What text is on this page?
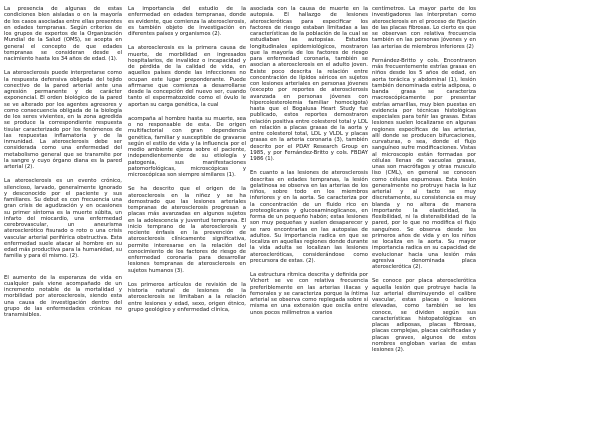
La presencia de algunas de estas condiciones bien aisladas o en la mayoría de los casos asociadas entre ellas presentes en edades tempranas. Según criterios de los grupos de expertos de la Organización Mundial de la Salud (OMS), se acepta en general el concepto de que edades tempranas se consideran desde el nacimiento hasta los 34 años de edad. (1).

La aterosclerosis puede interpretarse como la respuesta defensiva obligada del tejido conectivo de la pared arterial ante una agresión permanente y de carácter exponencial. El orden biológico de la pared se ve alterado por los agentes agresores y como consecuencia obligada de la biología de los seres vivientes, en la zona agredida se produce la correspondiente respuesta tisular caracterizado por los fenómenos de las respuestas inflamatoria y de la inmunidad. La aterosclerosis debe ser considerada como una enfermedad del metabolismo general que se transmite por la sangre y cuyo órgano diana es la pared arterial (2).

La aterosclerosis es un evento crónico, silencioso, larvado, generalmente ignorado y desconocido por el paciente y sus familiares. Su debut es con frecuencia una gran crisis de agudización y en ocasiones su primer síntoma es la muerte súbita, un infarto del miocardio, una enfermedad cerebrovascular, un aneurisma aterosclerótico fisurado o roto o una crisis vascular arterial periférica obstructiva. Esta enfermedad suele atacar al hombre en su edad más productiva para la humanidad, su familia y para él mismo. (2).

El aumento de la esperanza de vida en cualquier país viene acompañado de un incremento notable de la mortalidad y morbilidad por aterosclerosis, siendo esta una causa de investigación dentro del grupo de las enfermedades crónicas no transmisibles.

La importancia del estudio de la enfermedad en edades tempranas, donde es evidente, que comienza la aterosclerosis, es también objeto de investigación en diferentes países y organismos (2).

La aterosclerosis es la primera causa de muerte, de morbilidad en ingresados hospitalarios, de invalidez o incapacidad y de pérdida de la calidad de vida, en aquellos países donde las infecciones no ocupan este lugar preponderante. Puede afirmarse que comienza a desarrollarse desde la concepción del nuevo ser, cuando tanto el espermatozoide como el óvulo le aportan su carga genética, la cual

acompaña al hombre hasta su muerte, sea o no responsable de esta. De origen multifactorial con gran dependencia genética, familiar y susceptible de gravarse según el estilo de vida y la influencia por el medio ambiente ejerza sobre el paciente, independientemente de su etiología y patogenia, sus manifestaciones patomorfológicas, microscópicas y microscópicas son siempre similares (1).

Se ha descrito que el origen de la aterosclerosis en la niñez y se ha demostrado que las lesiones arteriales tempranas de aterosclerosis progresan a placas más avanzadas en algunos sujetos en la adolescencia y juventud temprana. El inicio temprano de la aterosclerosis y reciente énfasis en la prevención de aterosclerosis clínicamente significativa, permite interesarse en la relación del conocimiento de los factores de riesgo de enfermedad coronaria para desarrollar lesiones tempranas de aterosclerosis en sujetos humanos (3).

Los primeros artículos de revisión de la historia natural de lesiones de la aterosclerosis se limitaban a la relación entre lesiones y edad, sexo, origen étnico, grupo geológico y enfermedad clínica,

asociada con la causa de muerte en la autopsia. El hallazgo de lesiones ateroscleróticas para especificar los factores de riesgo estaban limitadas a las características de la población de la cual se estudiaban las autopsias. Estudios longitudinales epidemiológicos, mostraron que la mayoría de los factores de riesgo para enfermedad coronaria, también se asocian a aterosclerosis en el adulto joven. Existe poco descrita la relación entre concentración de lípidos séricos en sujetos con lesiones arteriales en personas jóvenes (excepto por reportes de aterosclerosis avanzada en personas jóvenes con hipercolesterolemia familiar homocigota) hasta que el Bogalusa Heart Study fue publicado, estos reportes demostraron relación positiva entre colesterol total y LDL en relación a placas grasas de la aorta y entre colesterol total, LDL y VLDL y placas grasas en la arteria coronaria (3), también descrito por el PDAY Research Group en 1985, y por Fernández-Britto y cols. FBDAY 1986 (1).

En cuanto a las lesiones de aterosclerosis descritas en edades tempranas, la lesión gelatinosa se observa en las arterias de los niños, sobre todo en los miembros inferiores y en la aorta. Se caracteriza por la concentración de un fluido rico en proteoglicanos y glucosaminoglicanos, en forma de un pequeño habón; estas lesiones son muy pequeñas y suelen desaparecer y se raro encontrarlas en las autopsias de adultos. Su importancia radica en que se localiza en aquellas regiones donde durante la vida adulta se localizan las lesiones ateroscleróticas, considerándose como precursora de estas. (2).

La estructura rítmica descrita y definida por Vichert se ve con relativa frecuencia preferiblemente en las arterias iliacas y femorales y se caracteriza porque la íntima arterial se observa como replegada sobre sí misma en una extensión que oscila entre unos pocos milímetros a varios

centímetros. La mayor parte de los investigadores las interpretan como aterosclerosis en el proceso de fijación de las placas fibrosas. Lo cierto es que se observan con relativa frecuencia también en las personas jóvenes y en las arterias de miembros inferiores (2)

Fernández-Britto y cols. Encontraron más frecuentemente estrías grasas en niños desde los 5 años de edad, en aorta torácica y abdominal (1), lesión también denominada estría adiposa, o banda grasa se caracteriza macroscópicamente por presentar estrías amarillas, muy bien puestas en evidencia por técnicas histológicas especiales para teñir las grasas. Estas lesiones suelen localizarse en algunas regiones específicas de las arterias, allí donde se producen bifurcaciones, curvaturas, o sea, donde el flujo sanguíneo sufre modificaciones. Vistas al microscopio están formadas por células llenas de vacuolas grasas, unas son macrófagos y otras musculo liso (CML), en general se conocen como células espumosas. Esta lesión generalmente no protruye hacia la luz arterial y al tacto se muy discretamente, su consistencia es muy blanda y no altera de manera importante la elasticidad, la flexibilidad, ni la distensibilidad de la pared, por lo que no modifica el flujo sanguíneo. Se observa desde los primeros años de vida y en los niños se localiza en la aorta. Su mayor importancia radica en su capacidad de evolucionar hacia una lesión más agresiva denominada placa aterosclerótica (2).

Se conoce por placa aterosclerótica aquella lesión que protruye hacia la luz arterial disminuyendo el calibre vascular, estas placas o lesiones elevadas, como también se les conoce, se dividen según sus características histopatológicas en placas adiposas, placas fibrosas, placas complejas, placas calcificadas y placas graves, algunos de estos nombres engloban varias de estas lesiones (2).
